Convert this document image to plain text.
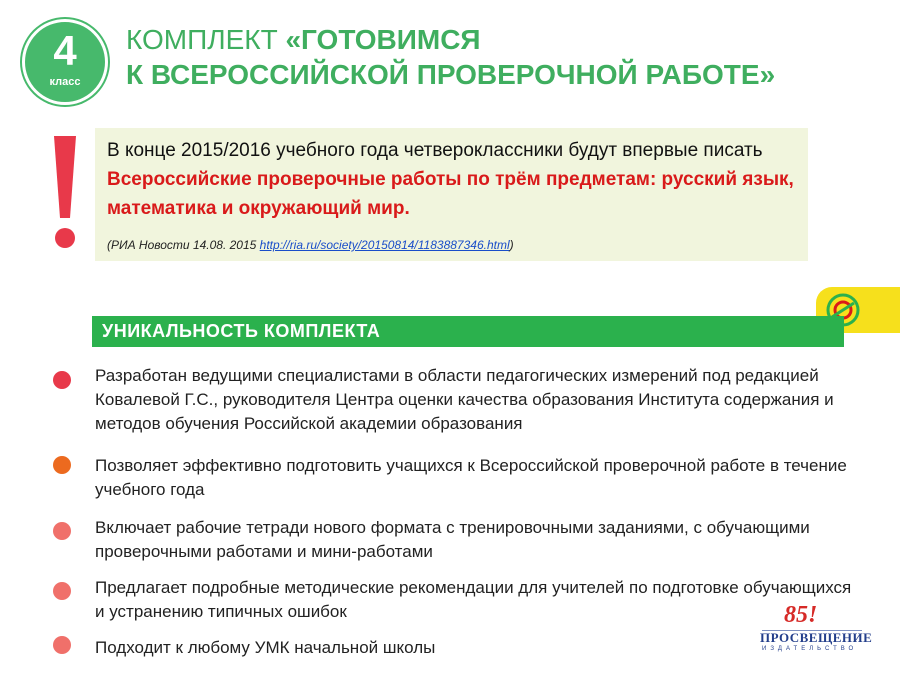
4
класс
КОМПЛЕКТ «ГОТОВИМСЯ
К ВСЕРОССИЙСКОЙ ПРОВЕРОЧНОЙ РАБОТЕ»
В конце 2015/2016 учебного года четвероклассники будут впервые писать
Всероссийские проверочные работы по трём предметам: русский язык, математика и окружающий мир.
(РИА Новости 14.08. 2015 http://ria.ru/society/20150814/1183887346.html)
УНИКАЛЬНОСТЬ КОМПЛЕКТА
Разработан ведущими специалистами в области педагогических измерений под редакцией Ковалевой Г.С., руководителя Центра оценки качества образования Института содержания и методов обучения Российской академии образования
Позволяет эффективно подготовить учащихся к Всероссийской проверочной работе в течение учебного года
Включает рабочие тетради нового формата с тренировочными заданиями, с обучающими проверочными работами и мини-работами
Предлагает подробные методические рекомендации для учителей по подготовке обучающихся и устранению типичных ошибок
Подходит к любому УМК начальной школы
85!
ПРОСВЕЩЕНИЕ
ИЗДАТЕЛЬСТВО
